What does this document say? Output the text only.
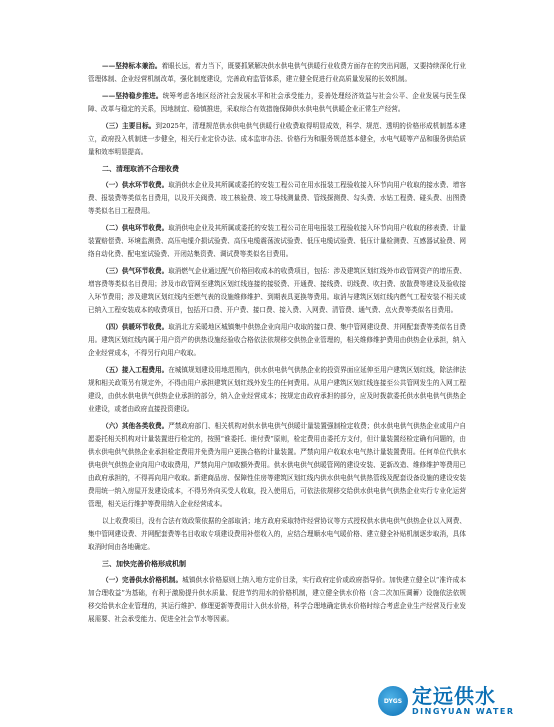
——坚持标本兼治。着眼长远，着力当下，既要抓紧解决供水供电供气供暖行业收费方面存在的突出问题，又要持续深化行业管理体制、企业经营机制改革，强化制度建设，完善政府监管体系，建立健全促进行业高质量发展的长效机制。

——坚持稳步推进。统筹考虑各地区经济社会发展水平和社会承受能力，妥善处理经济效益与社会公平、企业发展与民生保障、改革与稳定的关系，因地制宜、稳慎推进，采取综合有效措施保障供水供电供气供暖企业正常生产经营。

（三）主要目标。到2025年，清理规范供水供电供气供暖行业收费取得明显成效，科学、规范、透明的价格形成机制基本建立，政府投入机制进一步健全，相关行业定价办法、成本监审办法、价格行为和服务规范基本健全，水电气暖等产品和服务供给质量和效率明显提高。

二、清理取消不合理收费

（一）供水环节收费。取消供水企业及其所属或委托的安装工程公司在用水报装工程验收接入环节向用户收取的接水费、增容费、报装费等类似名目费用，以及开关阀费、竣工核验费、竣工导线测量费、管线探测费、勾头费、水钻工程费、碰头费、出图费等类似名目工程费用。

（二）供电环节收费。取消供电企业及其所属或委托的安装工程公司在用电报装工程验收接入环节向用户收取的移表费、计量装置赔偿费、环境监测费、高压电缆介损试验费、高压电缆震荡波试验费、低压电缆试验费、低压计量检测费、互感器试验费、网络自动化费、配电室试验费、开闭站集资费、调试费等类似名目费用。

（三）供气环节收费。取消燃气企业通过配气价格回收成本的收费项目，包括：涉及建筑区划红线外市政管网资产的增压费、增容费等类似名目费用；涉及市政管网至建筑区划红线连接的接驳费、开通费、接线费、切线费、吹扫费、放散费等建设及验收接入环节费用；涉及建筑区划红线内至燃气表的设施维修维护、到期表具更换等费用。取消与建筑区划红线内燃气工程安装不相关或已纳入工程安装成本的收费项目，包括开口费、开户费、接口费、接入费、入网费、清管费、通气费、点火费等类似名目费用。

（四）供暖环节收费。取消北方采暖地区城镇集中供热企业向用户收取的接口费、集中管网建设费、并网配套费等类似名目费用。建筑区划红线内属于用户资产的供热设施经验收合格依法依规移交供热企业管理的，相关维修维护费用由供热企业承担，纳入企业经营成本，不得另行向用户收取。

（五）接入工程费用。在城镇规划建设用地范围内，供水供电供气供热企业的投资界面应延伸至用户建筑区划红线，除法律法规和相关政策另有规定外，不得由用户承担建筑区划红线外发生的任何费用。从用户建筑区划红线连接至公共管网发生的入网工程建设，由供水供电供气供热企业承担的部分，纳入企业经营成本；按规定由政府承担的部分，应及时拨款委托供水供电供气供热企业建设，或者由政府直接投资建设。

（六）其他各类收费。严禁政府部门、相关机构对供水供电供气供暖计量装置强制检定收费；供水供电供气供热企业或用户自愿委托相关机构对计量装置进行检定的，按照“谁委托、谁付费”原则，检定费用由委托方支付，但计量装置经检定确有问题的，由供水供电供气供热企业承担检定费用并免费为用户更换合格的计量装置。严禁向用户收取水电气热计量装置费用。任何单位代供水供电供气供热企业向用户收取费用，严禁向用户加收额外费用。供水供电供气供暖管网的建设安装、更新改造、维修维护等费用已由政府承担的，不得再向用户收取。新建商品房、保障性住房等建筑区划红线内供水供电供气供热管线及配套设备设施的建设安装费用统一纳入房屋开发建设成本，不得另外向买受人收取，投入使用后，可依法依规移交给供水供电供气供热企业实行专业化运营管理，相关运行维护等费用纳入企业经营成本。

以上收费项目，没有合法有效政策依据的全部取消；地方政府采取特许经营协议等方式授权供水供电供气供热企业以入网费、集中管网建设费、并网配套费等名目收取专项建设费用补偿收入的，应结合理顺水电气暖价格、建立健全补贴机制逐步取消，具体取消时间由各地确定。

三、加快完善价格形成机制

（一）完善供水价格机制。城镇供水价格原则上纳入地方定价目录，实行政府定价或政府指导价。加快建立健全以“准许成本加合理收益”为基础，有利于激励提升供水质量、促进节约用水的价格机制，建立健全供水价格（含二次加压调蓄）设施依法依规移交给供水企业管理的，其运行维护、修理更新等费用计入供水价格，科学合理地确定供水价格时综合考虑企业生产经营及行业发展需要、社会承受能力、促进全社会节水等因素。

DYGS 定远供水
DINGYUAN WATER
